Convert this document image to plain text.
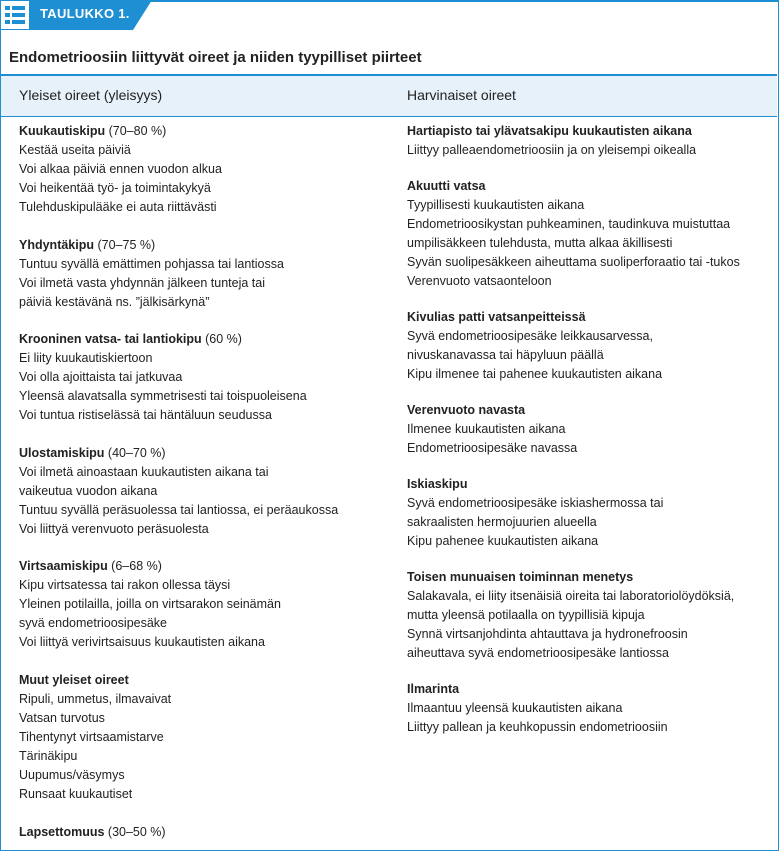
TAULUKKO 1.
Endometrioosiin liittyvät oireet ja niiden tyypilliset piirteet
Yleiset oireet (yleisyys)	Harvinaiset oireet
Kuukautiskipu (70–80 %)
Kestää useita päiviä
Voi alkaa päiviä ennen vuodon alkua
Voi heikentää työ- ja toimintakykyä
Tulehduskipulääke ei auta riittävästi
Yhdyntäkipu (70–75 %)
Tuntuu syvällä emättimen pohjassa tai lantiossa
Voi ilmetä vasta yhdynnän jälkeen tunteja tai
päiviä kestävänä ns. ”jälkisärkynä”
Krooninen vatsa- tai lantiokipu (60 %)
Ei liity kuukautiskiertoon
Voi olla ajoittaista tai jatkuvaa
Yleensä alavatsalla symmetrisesti tai toispuoleisena
Voi tuntua ristiselässä tai häntäluun seudussa
Ulostamiskipu (40–70 %)
Voi ilmetä ainoastaan kuukautisten aikana tai
vaikeutua vuodon aikana
Tuntuu syvällä peräsuolessa tai lantiossa, ei peräaukossa
Voi liittyä verenvuoto peräsuolesta
Virtsaamiskipu (6–68 %)
Kipu virtsatessa tai rakon ollessa täysi
Yleinen potilailla, joilla on virtsarakon seinämän
syvä endometrioosipesäke
Voi liittyä verivirtsaisuus kuukautisten aikana
Muut yleiset oireet
Ripuli, ummetus, ilmavaivat
Vatsan turvotus
Tihentynyt virtsaamistarve
Tärinäkipu
Uupumus/väsymys
Runsaat kuukautiset
Lapsettomuus (30–50 %)
Hartiapisto tai ylävatsakipu kuukautisten aikana
Liittyy palleaendometrioosiin ja on yleisempi oikealla
Akuutti vatsa
Tyypillisesti kuukautisten aikana
Endometrioosikystan puhkeaminen, taudinkuva muistuttaa
umpilisäkkeen tulehdusta, mutta alkaa äkillisesti
Syvän suolipesäkkeen aiheuttama suoliperforaatio tai -tukos
Verenvuoto vatsaonteloon
Kivulias patti vatsanpeitteissä
Syvä endometrioosipesäke leikkausarvessa,
nivuskanavassa tai häpyluun päällä
Kipu ilmenee tai pahenee kuukautisten aikana
Verenvuoto navasta
Ilmenee kuukautisten aikana
Endometrioosipesäke navassa
Iskiaskipu
Syvä endometrioosipesäke iskiashermossa tai
sakraalisten hermojuurien alueella
Kipu pahenee kuukautisten aikana
Toisen munuaisen toiminnan menetys
Salakavala, ei liity itsenäisiä oireita tai laboratoriolöydöksiä,
mutta yleensä potilaalla on tyypillisiä kipuja
Synnä virtsanjohdinta ahtauttava ja hydronefroosin
aiheuttava syvä endometrioosipesäke lantiossa
Ilmarinta
Ilmaantuu yleensä kuukautisten aikana
Liittyy pallean ja keuhkopussin endometrioosiin
